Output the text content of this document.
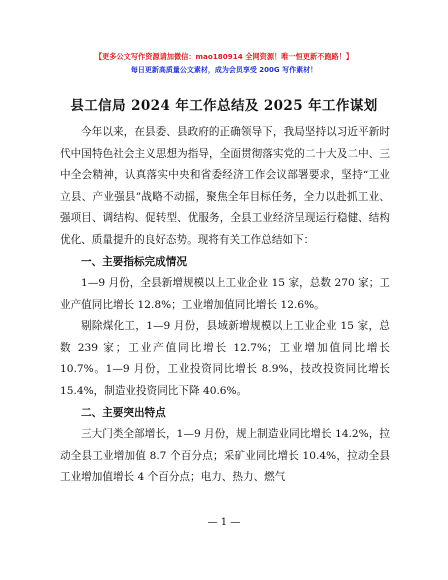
【更多公文写作资源请加微信：mao180914 全网资源！唯一恒更新不跑路！】
每日更新高质量公文素材，成为会员享受 200G 写作素材！
县工信局 2024 年工作总结及 2025 年工作谋划

今年以来，在县委、县政府的正确领导下，我局坚持以习近平新时代中国特色社会主义思想为指导，全面贯彻落实党的二十大及二中、三中全会精神，认真落实中央和省委经济工作会议部署要求，坚持“工业立县、产业强县”战略不动摇，聚焦全年目标任务，全力以赴抓工业、强项目、调结构、促转型、优服务，全县工业经济呈现运行稳健、结构优化、质量提升的良好态势。现将有关工作总结如下：

一、主要指标完成情况

1—9 月份，全县新增规模以上工业企业 15 家，总数 270 家；工业产值同比增长 12.8%；工业增加值同比增长 12.6%。

剔除煤化工，1—9 月份，县域新增规模以上工业企业 15 家，总数 239 家；工业产值同比增长 12.7%；工业增加值同比增长 10.7%。1—9 月份，工业投资同比增长 8.9%，技改投资同比增长 15.4%，制造业投资同比下降 40.6%。

二、主要突出特点

三大门类全部增长，1—9 月份，规上制造业同比增长 14.2%，拉动全县工业增加值 8.7 个百分点；采矿业同比增长 10.4%，拉动全县工业增加值增长 4 个百分点；电力、热力、燃气

— 1 —
